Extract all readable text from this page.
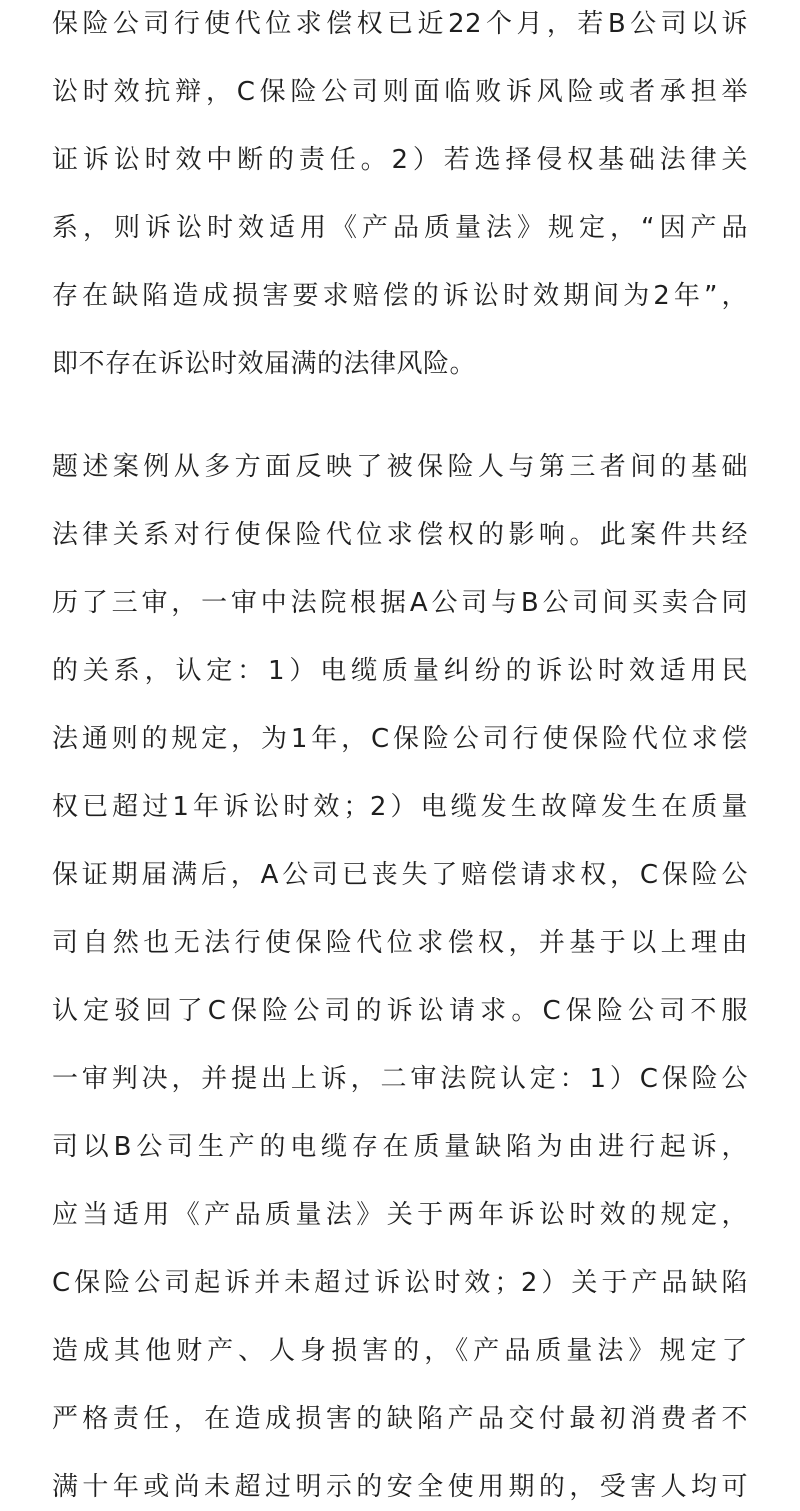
保险公司行使代位求偿权已近22个月，若B公司以诉
讼时效抗辩，C保险公司则面临败诉风险或者承担举
证诉讼时效中断的责任。2）若选择侵权基础法律关
系，则诉讼时效适用《产品质量法》规定，“因产品
存在缺陷造成损害要求赔偿的诉讼时效期间为2年”，
即不存在诉讼时效届满的法律风险。
题述案例从多方面反映了被保险人与第三者间的基础
法律关系对行使保险代位求偿权的影响。此案件共经
历了三审，一审中法院根据A公司与B公司间买卖合同
的关系，认定：1）电缆质量纠纷的诉讼时效适用民
法通则的规定，为1年，C保险公司行使保险代位求偿
权已超过1年诉讼时效；2）电缆发生故障发生在质量
保证期届满后，A公司已丧失了赔偿请求权，C保险公
司自然也无法行使保险代位求偿权，并基于以上理由
认定驳回了C保险公司的诉讼请求。C保险公司不服
一审判决，并提出上诉，二审法院认定：1）C保险公
司以B公司生产的电缆存在质量缺陷为由进行起诉，
应当适用《产品质量法》关于两年诉讼时效的规定，
C保险公司起诉并未超过诉讼时效；2）关于产品缺陷
造成其他财产、人身损害的，《产品质量法》规定了
严格责任，在造成损害的缺陷产品交付最初消费者不
满十年或尚未超过明示的安全使用期的，受害人均可
